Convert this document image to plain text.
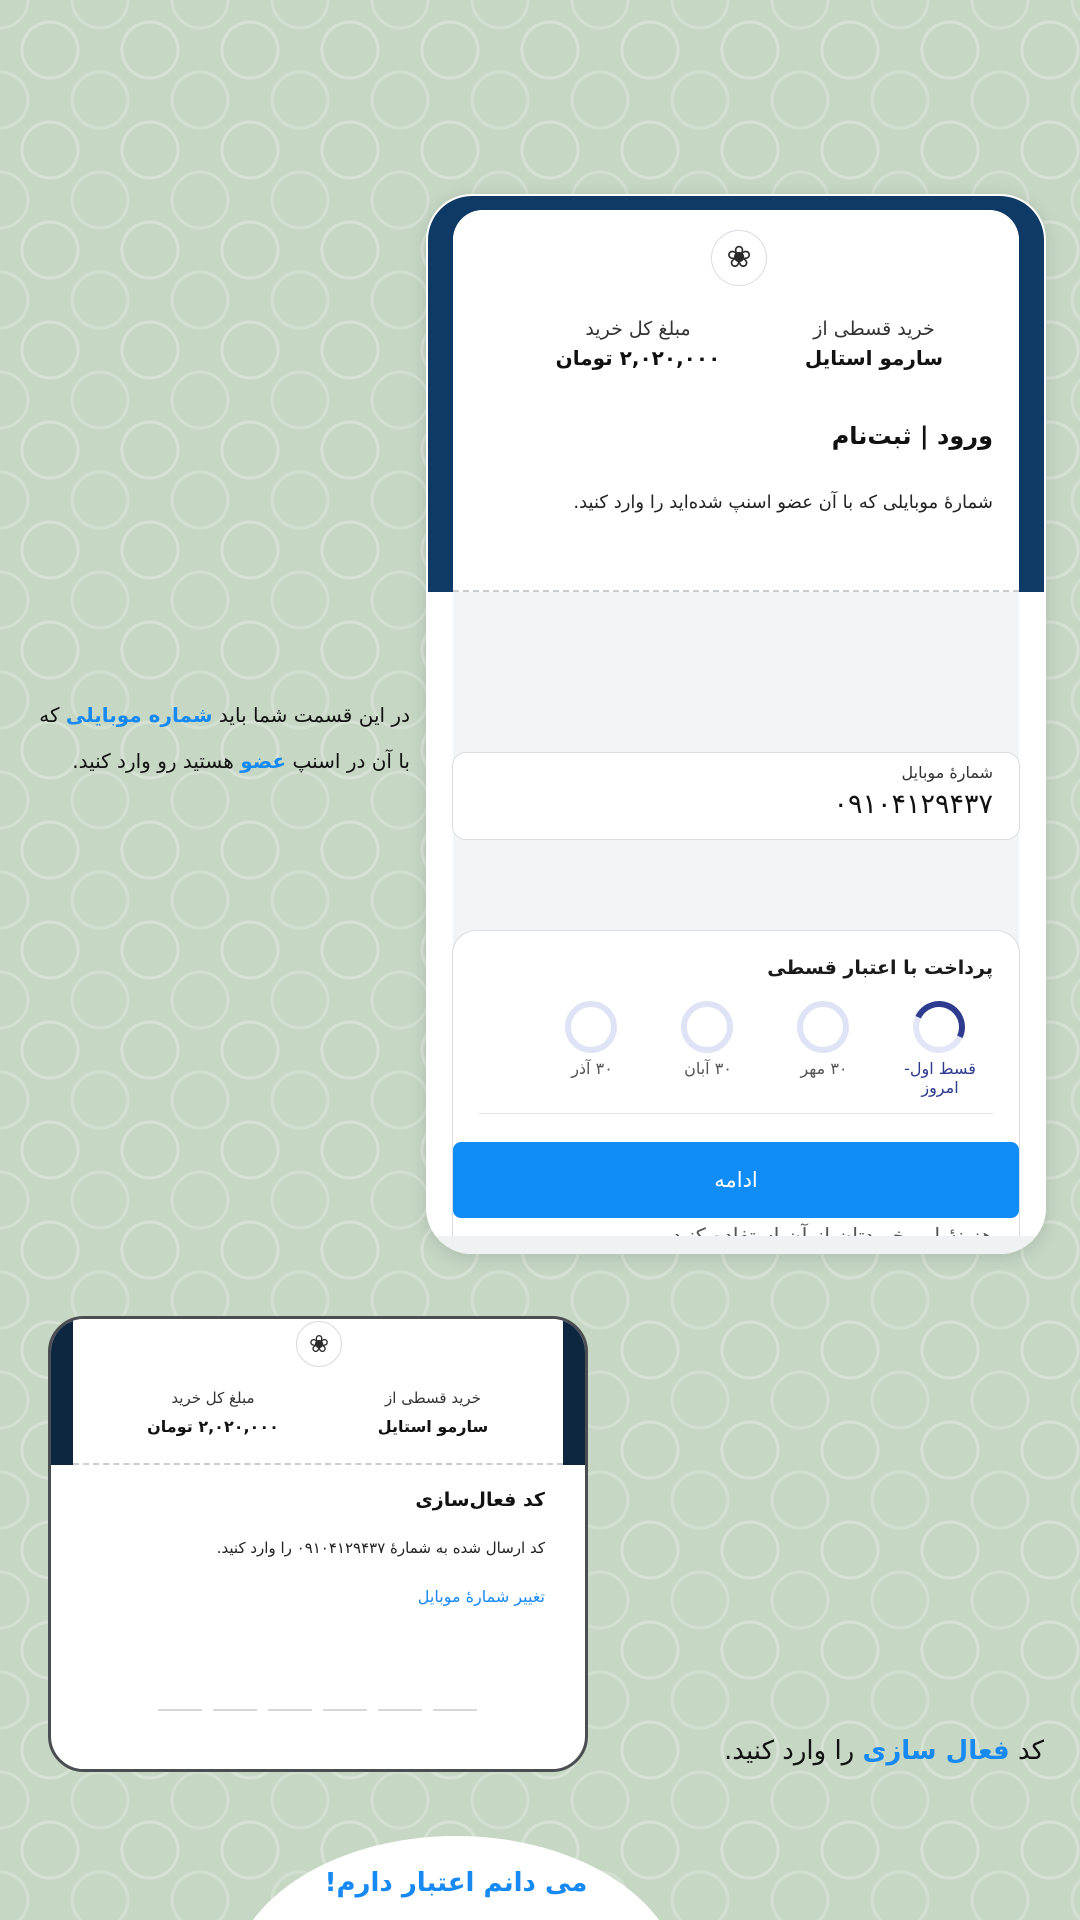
❀
خرید قسطی از
سارمو استایل
مبلغ کل خرید
۲,۰۲۰,۰۰۰ تومان
ورود | ثبت‌نام
شمارهٔ موبایلی که با آن عضو اسنپ شده‌اید را وارد کنید.
شمارهٔ موبایل
۰۹۱۰۴۱۲۹۴۳۷
پرداخت با اعتبار قسطی
قسط اول- امروز
۳۰ مهر
۳۰ آبان
۳۰ آذر
ادامه
در این قسمت شما باید شماره موبایلی که
با آن در اسنپ عضو هستید رو وارد کنید.
❀
خرید قسطی از
سارمو استایل
مبلغ کل خرید
۲,۰۲۰,۰۰۰ تومان
کد فعال‌سازی
کد ارسال شده به شمارهٔ ۰۹۱۰۴۱۲۹۴۳۷ را وارد کنید.
تغییر شمارهٔ موبایل
کد فعال سازی را وارد کنید.
می دانم اعتبار دارم!
